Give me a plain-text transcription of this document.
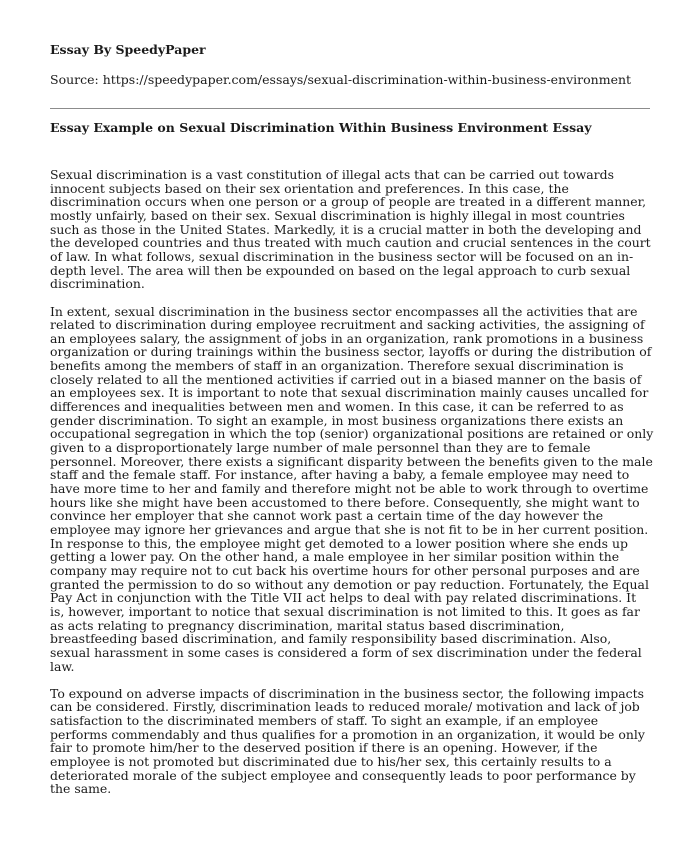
Essay By SpeedyPaper

Source: https://speedypaper.com/essays/sexual-discrimination-within-business-environment

Essay Example on Sexual Discrimination Within Business Environment Essay

Sexual discrimination is a vast constitution of illegal acts that can be carried out towards innocent subjects based on their sex orientation and preferences. In this case, the discrimination occurs when one person or a group of people are treated in a different manner, mostly unfairly, based on their sex. Sexual discrimination is highly illegal in most countries such as those in the United States. Markedly, it is a crucial matter in both the developing and the developed countries and thus treated with much caution and crucial sentences in the court of law. In what follows, sexual discrimination in the business sector will be focused on an in-depth level. The area will then be expounded on based on the legal approach to curb sexual discrimination.

In extent, sexual discrimination in the business sector encompasses all the activities that are related to discrimination during employee recruitment and sacking activities, the assigning of an employees salary, the assignment of jobs in an organization, rank promotions in a business organization or during trainings within the business sector, layoffs or during the distribution of benefits among the members of staff in an organization. Therefore sexual discrimination is closely related to all the mentioned activities if carried out in a biased manner on the basis of an employees sex. It is important to note that sexual discrimination mainly causes uncalled for differences and inequalities between men and women. In this case, it can be referred to as gender discrimination. To sight an example, in most business organizations there exists an occupational segregation in which the top (senior) organizational positions are retained or only given to a disproportionately large number of male personnel than they are to female personnel. Moreover, there exists a significant disparity between the benefits given to the male staff and the female staff. For instance, after having a baby, a female employee may need to have more time to her and family and therefore might not be able to work through to overtime hours like she might have been accustomed to there before. Consequently, she might want to convince her employer that she cannot work past a certain time of the day however the employee may ignore her grievances and argue that she is not fit to be in her current position. In response to this, the employee might get demoted to a lower position where she ends up getting a lower pay. On the other hand, a male employee in her similar position within the company may require not to cut back his overtime hours for other personal purposes and are granted the permission to do so without any demotion or pay reduction. Fortunately, the Equal Pay Act in conjunction with the Title VII act helps to deal with pay related discriminations. It is, however, important to notice that sexual discrimination is not limited to this. It goes as far as acts relating to pregnancy discrimination, marital status based discrimination, breastfeeding based discrimination, and family responsibility based discrimination. Also, sexual harassment in some cases is considered a form of sex discrimination under the federal law.

To expound on adverse impacts of discrimination in the business sector, the following impacts can be considered. Firstly, discrimination leads to reduced morale/ motivation and lack of job satisfaction to the discriminated members of staff. To sight an example, if an employee performs commendably and thus qualifies for a promotion in an organization, it would be only fair to promote him/her to the deserved position if there is an opening. However, if the employee is not promoted but discriminated due to his/her sex, this certainly results to a deteriorated morale of the subject employee and consequently leads to poor performance by the same.
